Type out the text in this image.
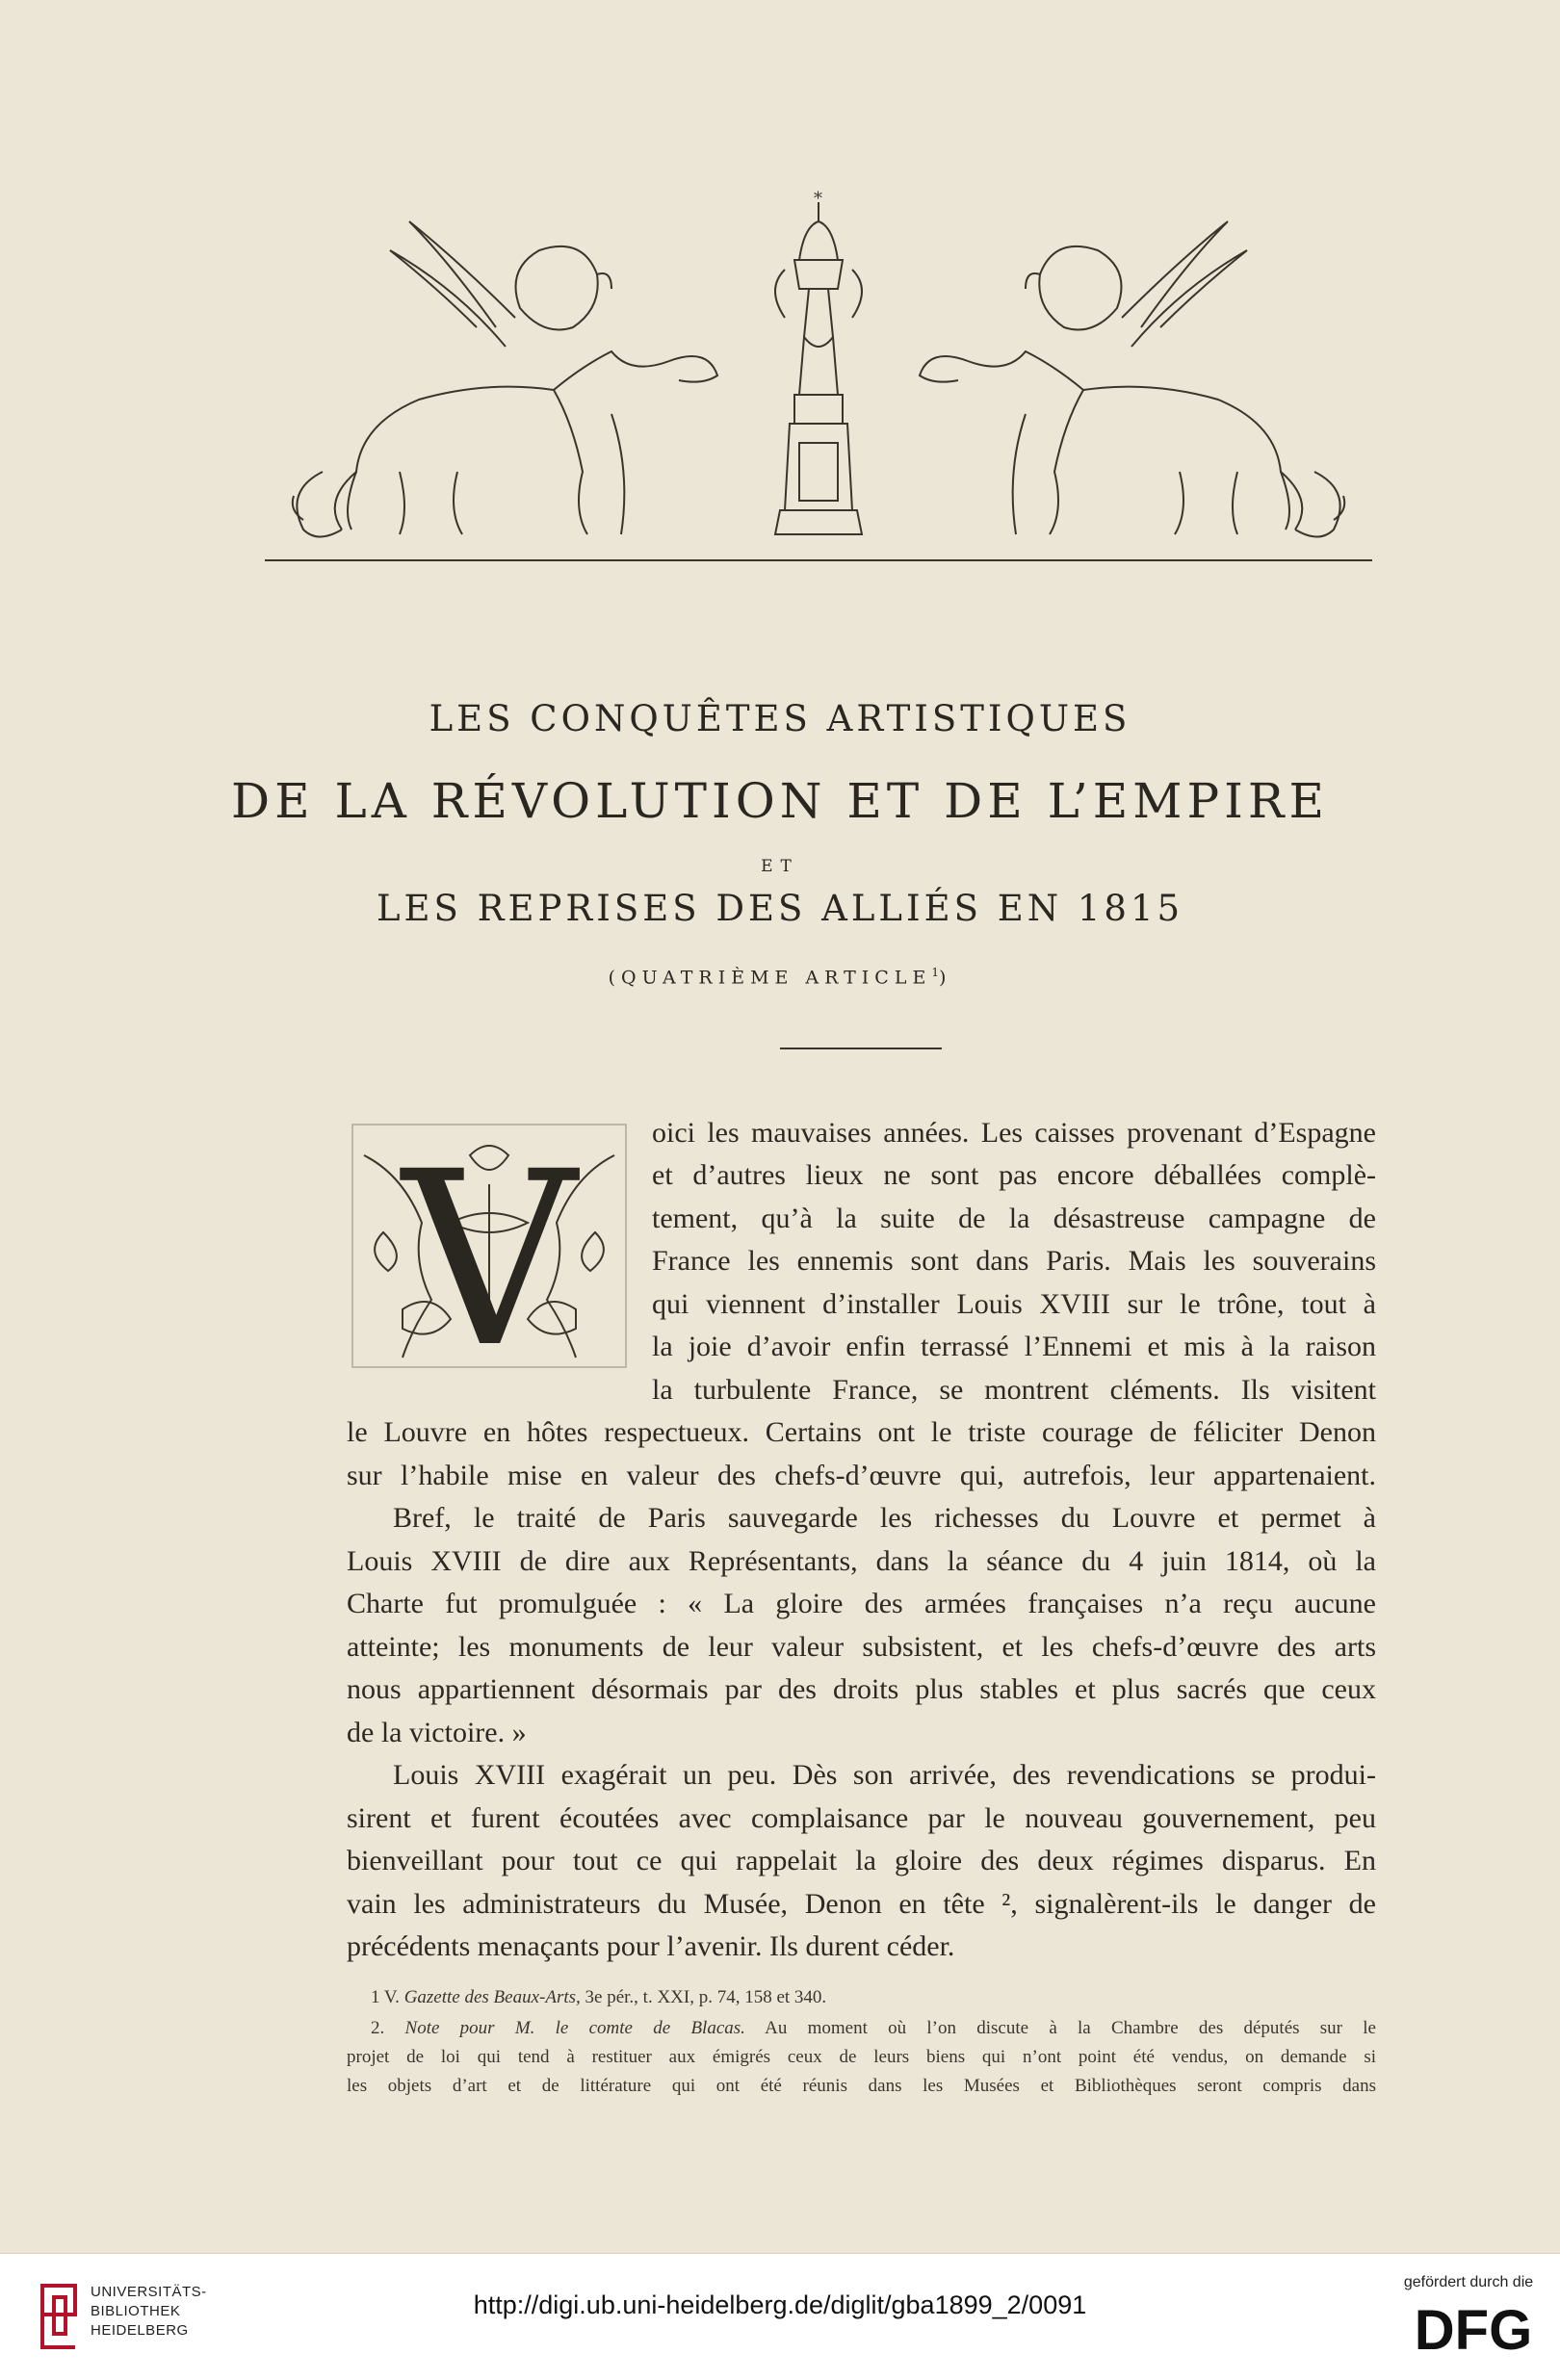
*
LES CONQUÊTES ARTISTIQUES
DE LA RÉVOLUTION ET DE L’EMPIRE
ET
LES REPRISES DES ALLIÉS EN 1815
(QUATRIÈME ARTICLE$^1$)
V	oici les mauvaises années. Les caisses provenant d’Espagne
et d’autres lieux ne sont pas encore déballées complè-
tement, qu’à la suite de la désastreuse campagne de
France les ennemis sont dans Paris. Mais les souverains
qui viennent d’installer Louis XVIII sur le trône, tout à
la joie d’avoir enfin terrassé l’Ennemi et mis à la raison
la turbulente France, se montrent cléments. Ils visitent
le Louvre en hôtes respectueux. Certains ont le triste courage de féliciter Denon
sur l’habile mise en valeur des chefs-d’œuvre qui, autrefois, leur appartenaient.
Bref, le traité de Paris sauvegarde les richesses du Louvre et permet à
Louis XVIII de dire aux Représentants, dans la séance du 4 juin 1814, où la
Charte fut promulguée : « La gloire des armées françaises n’a reçu aucune
atteinte; les monuments de leur valeur subsistent, et les chefs-d’œuvre des arts
nous appartiennent désormais par des droits plus stables et plus sacrés que ceux
de la victoire. »
Louis XVIII exagérait un peu. Dès son arrivée, des revendications se produi-
sirent et furent écoutées avec complaisance par le nouveau gouvernement, peu
bienveillant pour tout ce qui rappelait la gloire des deux régimes disparus. En
vain les administrateurs du Musée, Denon en tête ², signalèrent-ils le danger de
précédents menaçants pour l’avenir. Ils durent céder.
1 V. Gazette des Beaux-Arts, 3e pér., t. XXI, p. 74, 158 et 340.
2. Note pour M. le comte de Blacas. Au moment où l’on discute à la Chambre des députés sur le
projet de loi qui tend à restituer aux émigrés ceux de leurs biens qui n’ont point été vendus, on demande si
les objets d’art et de littérature qui ont été réunis dans les Musées et Bibliothèques seront compris dans
UNIVERSITÄTS-
BIBLIOTHEK
HEIDELBERG
http://digi.ub.uni-heidelberg.de/diglit/gba1899_2/0091
gefördert durch die
DFG
